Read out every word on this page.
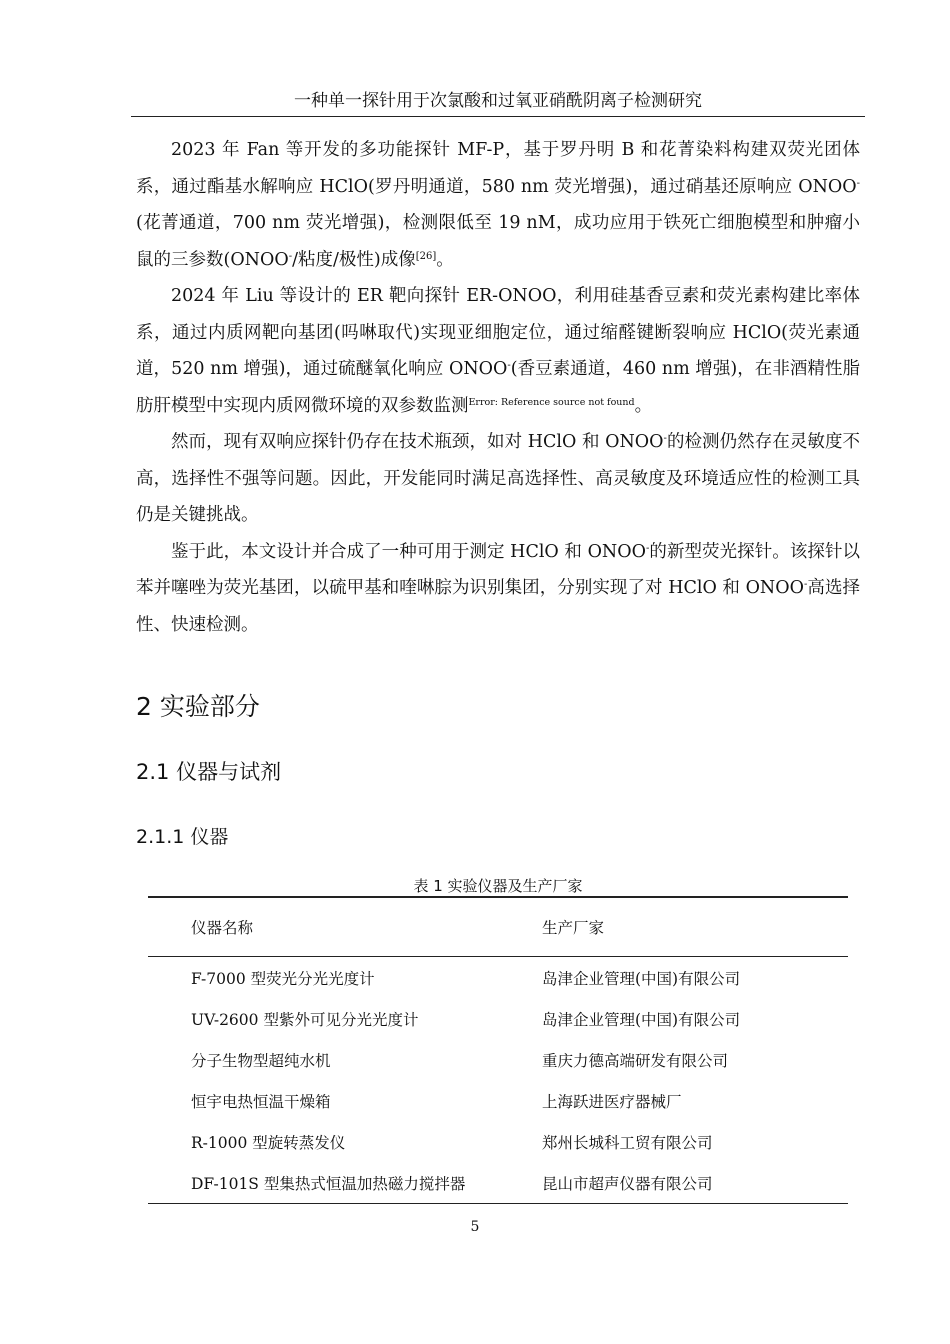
一种单一探针用于次氯酸和过氧亚硝酰阴离子检测研究

2023 年 Fan 等开发的多功能探针 MF-P，基于罗丹明 B 和花菁染料构建双荧光团体系，通过酯基水解响应 HClO(罗丹明通道，580 nm 荧光增强)，通过硝基还原响应 ONOO-(花菁通道，700 nm 荧光增强)，检测限低至 19 nM，成功应用于铁死亡细胞模型和肿瘤小鼠的三参数(ONOO-/粘度/极性)成像[26]。

2024 年 Liu 等设计的 ER 靶向探针 ER-ONOO，利用硅基香豆素和荧光素构建比率体系，通过内质网靶向基团(吗啉取代)实现亚细胞定位，通过缩醛键断裂响应 HClO(荧光素通道，520 nm 增强)，通过硫醚氧化响应 ONOO-(香豆素通道，460 nm 增强)，在非酒精性脂肪肝模型中实现内质网微环境的双参数监测$^{Error: Reference source not found}$。

然而，现有双响应探针仍存在技术瓶颈，如对 HClO 和 ONOO-的检测仍然存在灵敏度不高，选择性不强等问题。因此，开发能同时满足高选择性、高灵敏度及环境适应性的检测工具仍是关键挑战。

鉴于此，本文设计并合成了一种可用于测定 HClO 和 ONOO-的新型荧光探针。该探针以苯并噻唑为荧光基团，以硫甲基和喹啉腙为识别集团，分别实现了对 HClO 和 ONOO-高选择性、快速检测。

2 实验部分
2.1 仪器与试剂
2.1.1 仪器
表 1 实验仪器及生产厂家
仪器名称	生产厂家
F-7000 型荧光分光光度计	岛津企业管理(中国)有限公司
UV-2600 型紫外可见分光光度计	岛津企业管理(中国)有限公司
分子生物型超纯水机	重庆力德高端研发有限公司
恒宇电热恒温干燥箱	上海跃进医疗器械厂
R-1000 型旋转蒸发仪	郑州长城科工贸有限公司
DF-101S 型集热式恒温加热磁力搅拌器	昆山市超声仪器有限公司
5
